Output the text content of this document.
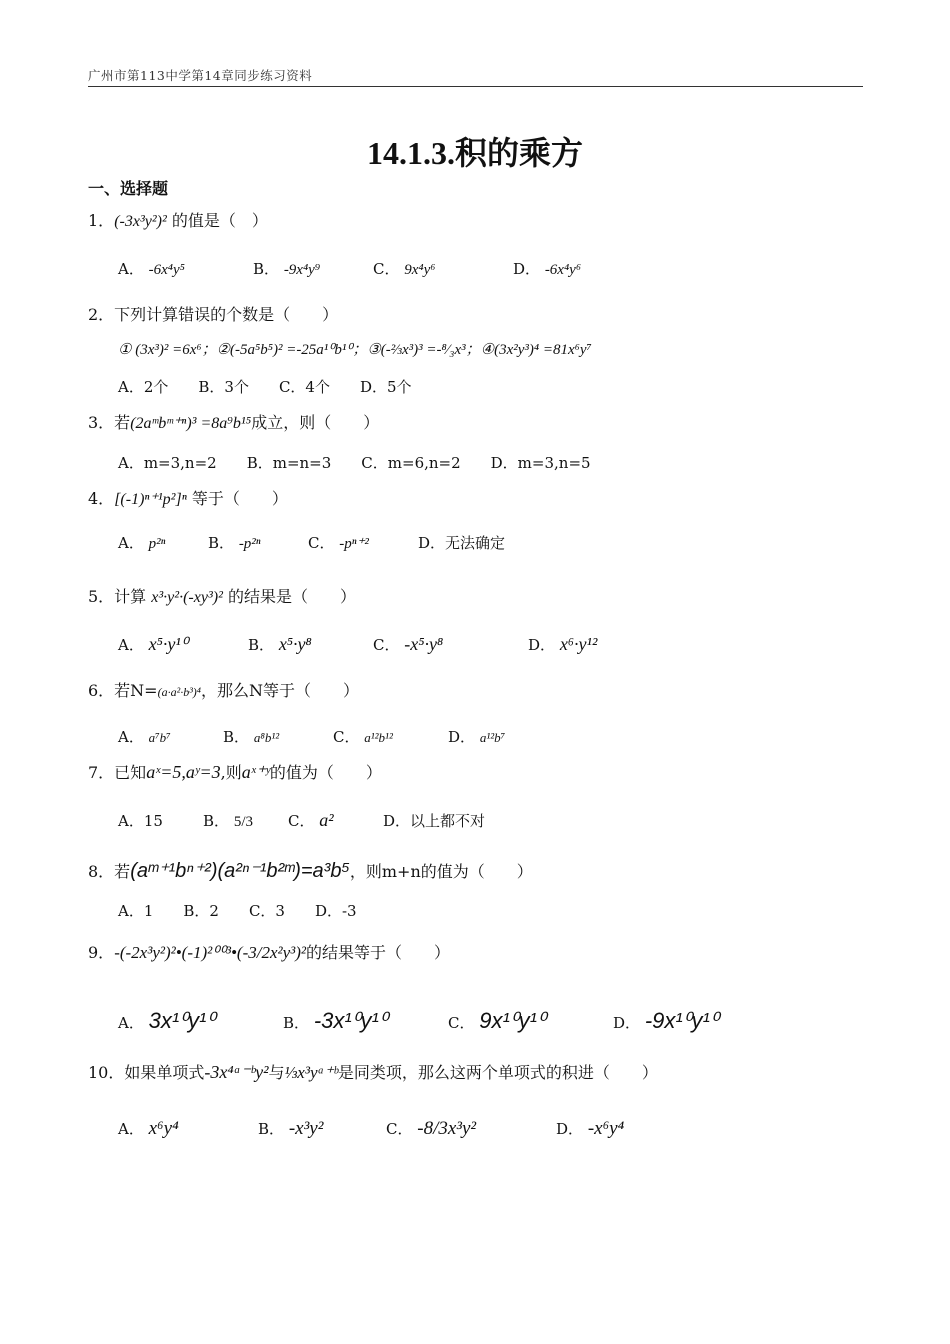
广州市第113中学第14章同步练习资料
14.1.3.积的乘方
一、选择题
1．(-3x³y²)² 的值是（　）
A． -6x⁴y⁵	B． -9x⁴y⁹	C． 9x⁴y⁶	D． -6x⁴y⁶
2．下列计算错误的个数是（　　）
① (3x³)² =6x⁶；②(-5a⁵b⁵)² =-25a¹⁰b¹⁰；③(-⅔x³)³ =-⁸⁄₃x³；④(3x²y³)⁴ =81x⁶y⁷
A．2个　　B．3个　　C．4个　　D．5个
3．若(2aᵐbᵐ⁺ⁿ)³ =8a⁹b¹⁵成立，则（　　）
A．m=3,n=2　　B．m=n=3　　C．m=6,n=2　　D．m=3,n=5
4．[(-1)ⁿ⁺¹p²]ⁿ 等于（　　）
A． p²ⁿ	B． -p²ⁿ	C． -pⁿ⁺²	D．无法确定
5．计算 x³·y²·(-xy³)² 的结果是（　　）
A． x⁵·y¹⁰	B． x⁵·y⁸	C． -x⁵·y⁸	D． x⁶·y¹²
6．若N=(a·a²·b³)⁴，那么N等于（　　）
A． a⁷b⁷	B． a⁸b¹²	C． a¹²b¹²	D． a¹²b⁷
7．已知aˣ=5,aʸ=3,则aˣ⁺ʸ的值为（　　）
A．15	B． 5/3 C． a²	D．以上都不对
8．若(aᵐ⁺¹bⁿ⁺²)(a²ⁿ⁻¹b²ᵐ)=a³b⁵，则m+n的值为（　　）
A．1　　B．2　　C．3　　D．-3
9．-(-2x³y²)²•(-1)²⁰⁰³•(-3/2x²y³)²的结果等于（　　）
A． 3x¹⁰y¹⁰	B． -3x¹⁰y¹⁰	C． 9x¹⁰y¹⁰	D． -9x¹⁰y¹⁰
10．如果单项式-3x⁴ᵃ⁻ᵇy²与⅓x³yᵃ⁺ᵇ是同类项，那么这两个单项式的积进（　　）
A． x⁶y⁴	B． -x³y²	C． -8/3x³y²	D． -x⁶y⁴
